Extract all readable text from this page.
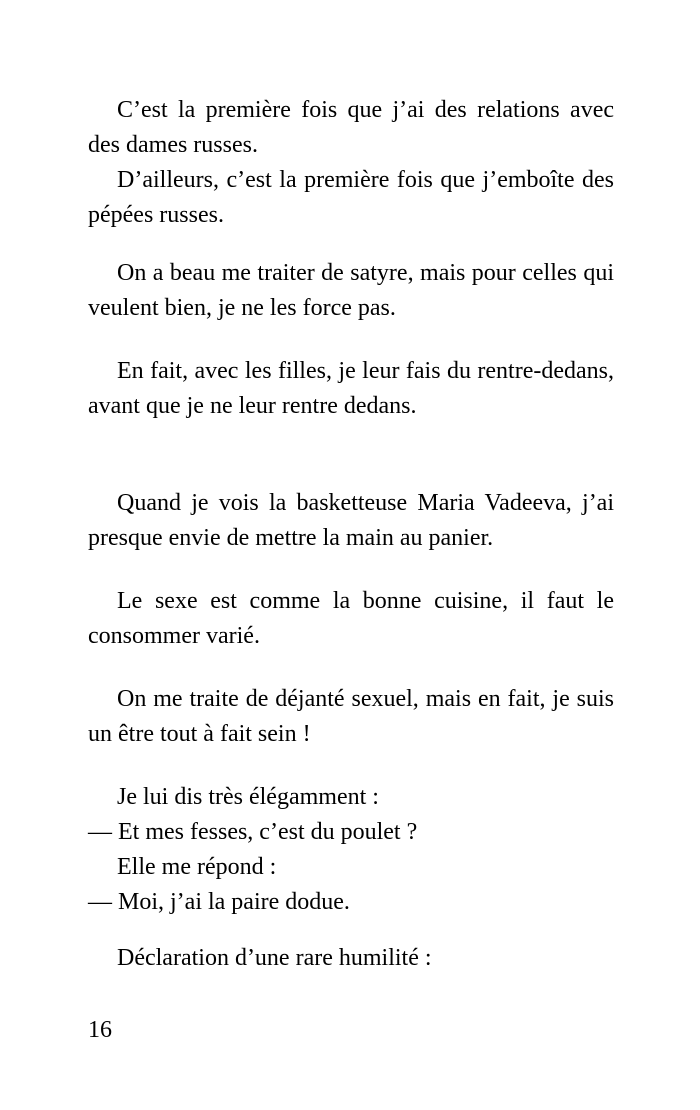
C’est la première fois que j’ai des relations avec des dames russes.

D’ailleurs, c’est la première fois que j’emboîte des pépées russes.

On a beau me traiter de satyre, mais pour celles qui veulent bien, je ne les force pas.

En fait, avec les filles, je leur fais du rentre-dedans, avant que je ne leur rentre dedans.

Quand je vois la basketteuse Maria Vadeeva, j’ai presque envie de mettre la main au panier.

Le sexe est comme la bonne cuisine, il faut le consommer varié.

On me traite de déjanté sexuel, mais en fait, je suis un être tout à fait sein !

Je lui dis très élégamment :

— Et mes fesses, c’est du poulet ?

Elle me répond :

— Moi, j’ai la paire dodue.

Déclaration d’une rare humilité :

16
